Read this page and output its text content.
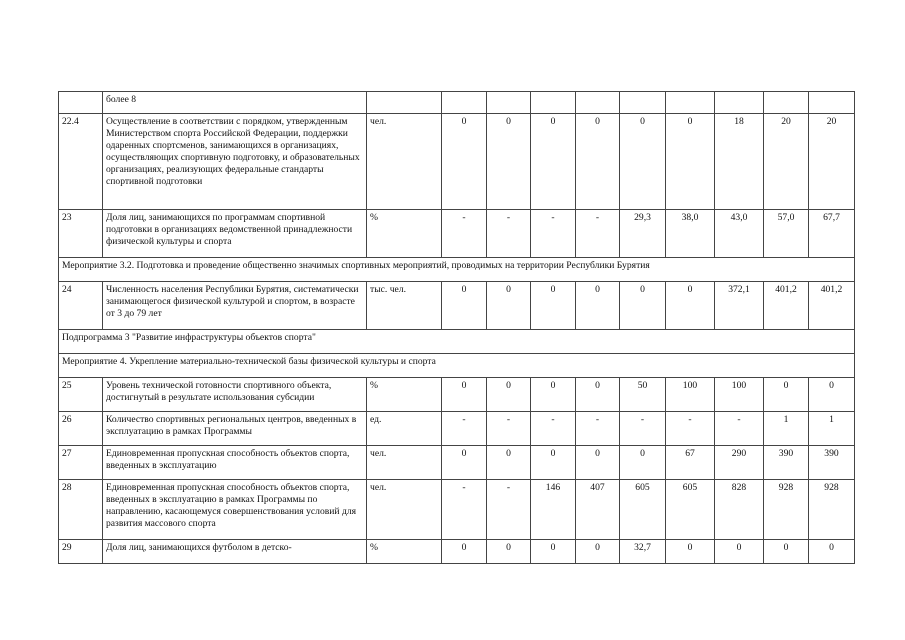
	более 8										
22.4	Осуществление в соответствии с порядком, утвержденным Министерством спорта Российской Федерации, поддержки одаренных спортсменов, занимающихся в организациях, осуществляющих спортивную подготовку, и образовательных организациях, реализующих федеральные стандарты спортивной подготовки	чел.	0	0	0	0	0	0	18	20	20
23	Доля лиц, занимающихся по программам спортивной подготовки в организациях ведомственной принадлежности физической культуры и спорта	%	-	-	-	-	29,3	38,0	43,0	57,0	67,7
Мероприятие 3.2. Подготовка и проведение общественно значимых спортивных мероприятий, проводимых на территории Республики Бурятия											
24	Численность населения Республики Бурятия, систематически занимающегося физической культурой и спортом, в возрасте от 3 до 79 лет	тыс. чел.	0	0	0	0	0	0	372,1	401,2	401,2
Подпрограмма 3 "Развитие инфраструктуры объектов спорта"											
Мероприятие 4. Укрепление материально-технической базы физической культуры и спорта											
25	Уровень технической готовности спортивного объекта, достигнутый в результате использования субсидии	%	0	0	0	0	50	100	100	0	0
26	Количество спортивных региональных центров, введенных в эксплуатацию в рамках Программы	ед.	-	-	-	-	-	-	-	1	1
27	Единовременная пропускная способность объектов спорта, введенных в эксплуатацию	чел.	0	0	0	0	0	67	290	390	390
28	Единовременная пропускная способность объектов спорта, введенных в эксплуатацию в рамках Программы по направлению, касающемуся совершенствования условий для развития массового спорта	чел.	-	-	146	407	605	605	828	928	928
29	Доля лиц, занимающихся футболом в детско-	%	0	0	0	0	32,7	0	0	0	0
